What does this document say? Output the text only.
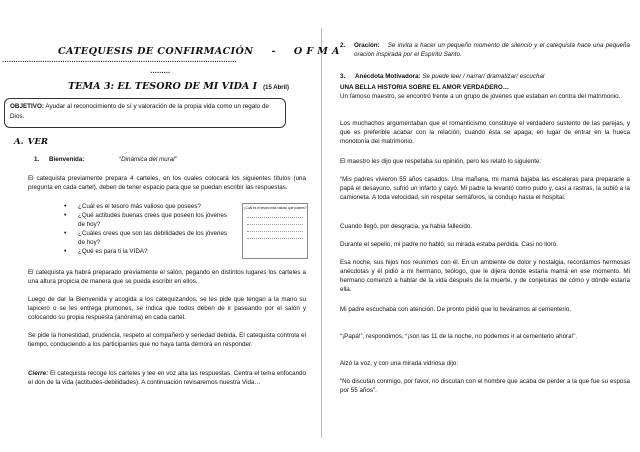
CATEQUESIS DE CONFIRMACIÓN - O F M A
……………………………………………………………………………………………
………
TEMA 3: EL TESORO DE MI VIDA I (15 Abril)
OBJETIVO: Ayudar al reconocimiento de sí y valoración de la propia vida como un regalo de Dios.
A. VER
1. Bienvenida:	“Dinámica del mural”
El catequista previamente prepara 4 carteles, en los cuales colocará los siguientes títulos (una pregunta en cada cartel), deben de tener espacio para que se puedan escribir las respuestas.
• ¿Cuál es el tesoro más valioso que posees?
• ¿Qué actitudes buenas crees que poseen los jóvenes de hoy?
• ¿Cuáles crees que son las debilidades de los jóvenes de hoy?
• ¿Qué es para ti la VIDA?
¿Cuál es el tesoro más valioso que posees?
El catequista ya habrá preparado previamente el salón, pegando en distintos lugares los carteles a una altura propicia de manera que se pueda escribir en ellos.
Luego de dar la Bienvenida y acogida a los catequizandos, se les pide que tengan a la mano su lapicero o se les entrega plumones, se indica que todos deben de ir paseando por el salón y colocando su propia respuesta (anónima) en cada cartel.
Se pide la honestidad, prudencia, respeto al compañero y seriedad debida. El catequista controla el tiempo, conduciendo a los participantes que no haya tanta demora en responder.
Cierre: El catequista recoge los carteles y lee en voz alta las respuestas. Centra el tema enfocando el don de la vida (actitudes-debilidades). A continuación revisaremos nuestra Vida…
2.	Oración: Se invita a hacer un pequeño momento de silencio y el catequista hace una pequeña oración inspirada por el Espíritu Santo.
3. Anécdota Motivadora: Se puede leer / narrar/ dramatizar/ escuchar
UNA BELLA HISTORIA SOBRE EL AMOR VERDADERO…
Un famoso maestro, se encontró frente a un grupo de jóvenes que estaban en contra del matrimonio.
Los muchachos argumentaban que el romanticismo constituye el verdadero sustento de las parejas, y que es preferible acabar con la relación, cuando ésta se apaga, en lugar de entrar en la hueca monotonía del matrimonio.
El maestro les dijo que respetaba su opinión, pero les relató lo siguiente:
“Mis padres vivieron 55 años casados. Una mañana, mi mamá bajaba las escaleras para prepararle a papá el desayuno, sufrió un infarto y cayó. Mi padre la levantó como pudo y, casi a rastras, la subió a la camioneta. A toda velocidad, sin respetar semáforos, la condujo hasta el hospital.
Cuando llegó, por desgracia, ya había fallecido.
Durante el sepelio, mi padre no habló; su mirada estaba perdida. Casi no lloró.
Esa noche, sus hijos nos reunimos con él. En un ambiente de dolor y nostalgia, recordamos hermosas anécdotas y él pidió a mi hermano, teólogo, que le dijera donde estaría mamá en ese momento. Mi hermano comenzó a hablar de la vida después de la muerte, y de conjeturas de cómo y dónde estaría ella.
Mi padre escuchaba con atención. De pronto pidió que lo lleváramos al cementerio.
“¡Papá!”, respondimos, “¡son las 11 de la noche, no podemos ir al cementerio ahora!”.
Alzó la voz, y con una mirada vidriosa dijo:
“No discutan conmigo, por favor, no discutan con el hombre que acaba de perder a la que fue su esposa por 55 años”.
